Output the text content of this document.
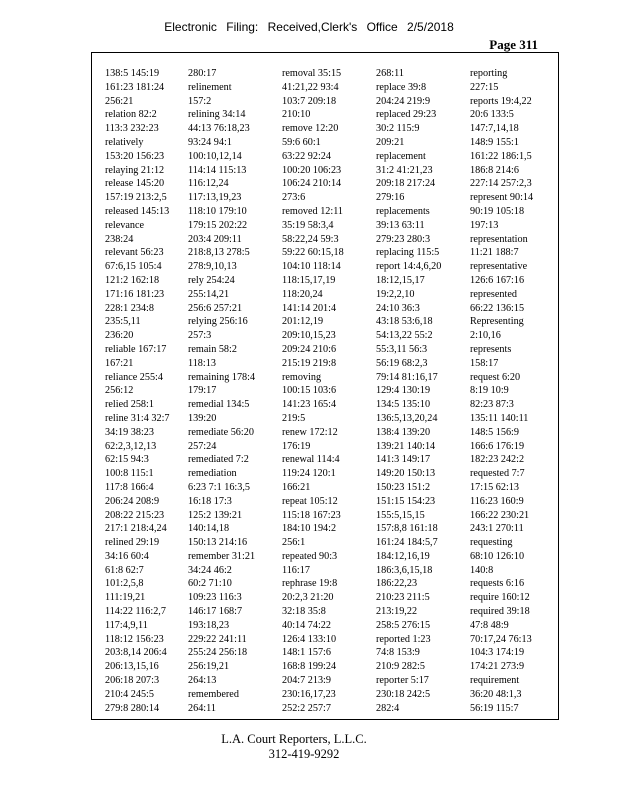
Electronic Filing: Received,Clerk's Office 2/5/2018
Page 311
138:5 145:19
161:23 181:24
256:21
relation 82:2
113:3 232:23
relatively
153:20 156:23
relaying 21:12
release 145:20
157:19 213:2,5
released 145:13
relevance
238:24
relevant 56:23
67:6,15 105:4
121:2 162:18
171:16 181:23
228:1 234:8
235:5,11
236:20
reliable 167:17
167:21
reliance 255:4
256:12
relied 258:1
reline 31:4 32:7
34:19 38:23
62:2,3,12,13
62:15 94:3
100:8 115:1
117:8 166:4
206:24 208:9
208:22 215:23
217:1 218:4,24
relined 29:19
34:16 60:4
61:8 62:7
101:2,5,8
111:19,21
114:22 116:2,7
117:4,9,11
118:12 156:23
203:8,14 206:4
206:13,15,16
206:18 207:3
210:4 245:5
279:8 280:14
280:17
relinement
157:2
relining 34:14
44:13 76:18,23
93:24 94:1
100:10,12,14
114:14 115:13
116:12,24
117:13,19,23
118:10 179:10
179:15 202:22
203:4 209:11
218:8,13 278:5
278:9,10,13
rely 254:24
255:14,21
256:6 257:21
relying 256:16
257:3
remain 58:2
118:13
remaining 178:4
179:17
remedial 134:5
139:20
remediate 56:20
257:24
remediated 7:2
remediation
6:23 7:1 16:3,5
16:18 17:3
125:2 139:21
140:14,18
150:13 214:16
remember 31:21
34:24 46:2
60:2 71:10
109:23 116:3
146:17 168:7
193:18,23
229:22 241:11
255:24 256:18
256:19,21
264:13
remembered
264:11
removal 35:15
41:21,22 93:4
103:7 209:18
210:10
remove 12:20
59:6 60:1
63:22 92:24
100:20 106:23
106:24 210:14
273:6
removed 12:11
35:19 58:3,4
58:22,24 59:3
59:22 60:15,18
104:10 118:14
118:15,17,19
118:20,24
141:14 201:4
201:12,19
209:10,15,23
209:24 210:6
215:19 219:8
removing
100:15 103:6
141:23 165:4
219:5
renew 172:12
176:19
renewal 114:4
119:24 120:1
166:21
repeat 105:12
115:18 167:23
184:10 194:2
256:1
repeated 90:3
116:17
rephrase 19:8
20:2,3 21:20
32:18 35:8
40:14 74:22
126:4 133:10
148:1 157:6
168:8 199:24
204:7 213:9
230:16,17,23
252:2 257:7
268:11
replace 39:8
204:24 219:9
replaced 29:23
30:2 115:9
209:21
replacement
31:2 41:21,23
209:18 217:24
279:16
replacements
39:13 63:11
279:23 280:3
replacing 115:5
report 14:4,6,20
18:12,15,17
19:2,2,10
24:10 36:3
43:18 53:6,18
54:13,22 55:2
55:3,11 56:3
56:19 68:2,3
79:14 81:16,17
129:4 130:19
134:5 135:10
136:5,13,20,24
138:4 139:20
139:21 140:14
141:3 149:17
149:20 150:13
150:23 151:2
151:15 154:23
155:5,15,15
157:8,8 161:18
161:24 184:5,7
184:12,16,19
186:3,6,15,18
186:22,23
210:23 211:5
213:19,22
258:5 276:15
reported 1:23
74:8 153:9
210:9 282:5
reporter 5:17
230:18 242:5
282:4
reporting
227:15
reports 19:4,22
20:6 133:5
147:7,14,18
148:9 155:1
161:22 186:1,5
186:8 214:6
227:14 257:2,3
represent 90:14
90:19 105:18
197:13
representation
11:21 188:7
representative
126:6 167:16
represented
66:22 136:15
Representing
2:10,16
represents
158:17
request 6:20
8:19 10:9
82:23 87:3
135:11 140:11
148:5 156:9
166:6 176:19
182:23 242:2
requested 7:7
17:15 62:13
116:23 160:9
166:22 230:21
243:1 270:11
requesting
68:10 126:10
140:8
requests 6:16
require 160:12
required 39:18
47:8 48:9
70:17,24 76:13
104:3 174:19
174:21 273:9
requirement
36:20 48:1,3
56:19 115:7
L.A. Court Reporters, L.L.C.
312-419-9292
